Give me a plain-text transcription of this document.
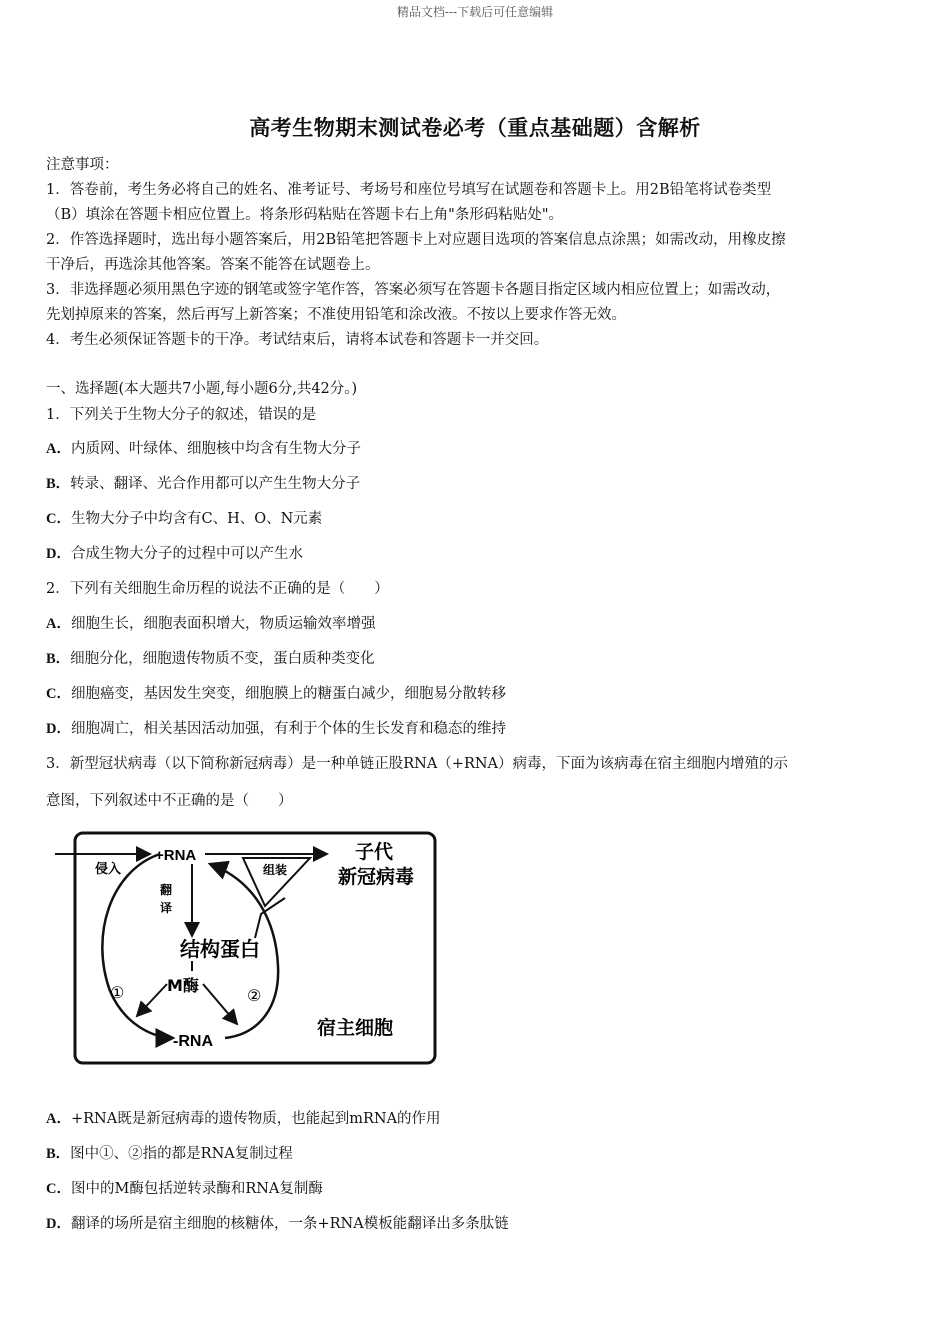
精品文档---下载后可任意编辑
高考生物期末测试卷必考（重点基础题）含解析

注意事项：

1．答卷前，考生务必将自己的姓名、准考证号、考场号和座位号填写在试题卷和答题卡上。用2B铅笔将试卷类型

（B）填涂在答题卡相应位置上。将条形码粘贴在答题卡右上角"条形码粘贴处"。

2．作答选择题时，选出每小题答案后，用2B铅笔把答题卡上对应题目选项的答案信息点涂黑；如需改动，用橡皮擦

干净后，再选涂其他答案。答案不能答在试题卷上。

3．非选择题必须用黑色字迹的钢笔或签字笔作答，答案必须写在答题卡各题目指定区域内相应位置上；如需改动，

先划掉原来的答案，然后再写上新答案；不准使用铅笔和涂改液。不按以上要求作答无效。

4．考生必须保证答题卡的干净。考试结束后，请将本试卷和答题卡一并交回。

一、选择题(本大题共7小题,每小题6分,共42分。)
1．下列关于生物大分子的叙述，错误的是
A．内质网、叶绿体、细胞核中均含有生物大分子
B．转录、翻译、光合作用都可以产生生物大分子
C．生物大分子中均含有C、H、O、N元素
D．合成生物大分子的过程中可以产生水
2．下列有关细胞生命历程的说法不正确的是（　　）
A．细胞生长，细胞表面积增大，物质运输效率增强
B．细胞分化，细胞遗传物质不变，蛋白质种类变化
C．细胞癌变，基因发生突变，细胞膜上的糖蛋白减少，细胞易分散转移
D．细胞凋亡，相关基因活动加强，有利于个体的生长发育和稳态的维持
3．新型冠状病毒（以下简称新冠病毒）是一种单链正股RNA（+RNA）病毒，下面为该病毒在宿主细胞内增殖的示
意图，下列叙述中不正确的是（　　）
侵入
+RNA
组装
子代
新冠病毒
翻
译
结构蛋白
M酶
①	②
-RNA
宿主细胞
A．+RNA既是新冠病毒的遗传物质，也能起到mRNA的作用
B．图中①、②指的都是RNA复制过程
C．图中的M酶包括逆转录酶和RNA复制酶
D．翻译的场所是宿主细胞的核糖体，一条+RNA模板能翻译出多条肽链
